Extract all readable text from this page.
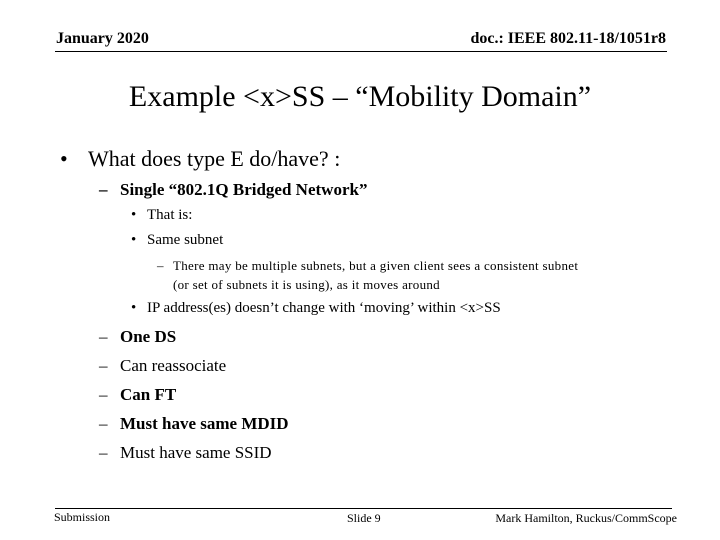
January 2020	doc.: IEEE 802.11-18/1051r8
Example <x>SS – “Mobility Domain”
• What does type E do/have? :
– Single “802.1Q Bridged Network”
• That is:
• Same subnet
– There may be multiple subnets, but a given client sees a consistent subnet
(or set of subnets it is using), as it moves around
• IP address(es) doesn’t change with ‘moving’ within <x>SS
– One DS
– Can reassociate
– Can FT
– Must have same MDID
– Must have same SSID
Submission	Slide 9	Mark Hamilton, Ruckus/CommScope
